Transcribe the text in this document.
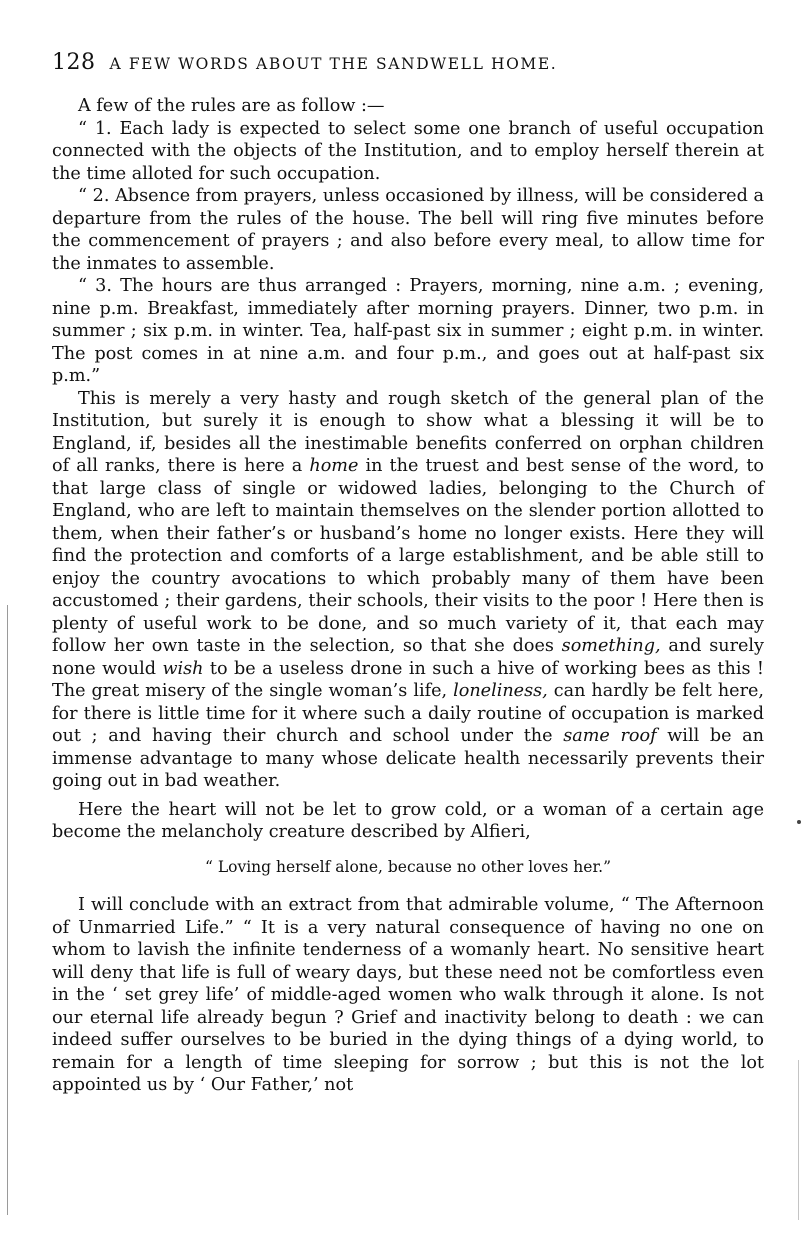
128 A FEW WORDS ABOUT THE SANDWELL HOME.

A few of the rules are as follow :—

“ 1. Each lady is expected to select some one branch of useful occupation connected with the objects of the Institution, and to employ herself therein at the time alloted for such occupation.

“ 2. Absence from prayers, unless occasioned by illness, will be considered a departure from the rules of the house. The bell will ring five minutes before the commencement of prayers ; and also before every meal, to allow time for the inmates to assemble.

“ 3. The hours are thus arranged : Prayers, morning, nine a.m. ; evening, nine p.m. Breakfast, immediately after morning prayers. Dinner, two p.m. in summer ; six p.m. in winter. Tea, half-past six in summer ; eight p.m. in winter. The post comes in at nine a.m. and four p.m., and goes out at half-past six p.m.”

This is merely a very hasty and rough sketch of the general plan of the Institution, but surely it is enough to show what a blessing it will be to England, if, besides all the inestimable benefits conferred on orphan children of all ranks, there is here a home in the truest and best sense of the word, to that large class of single or widowed ladies, belonging to the Church of England, who are left to maintain themselves on the slender portion allotted to them, when their father’s or husband’s home no longer exists. Here they will find the protection and comforts of a large establishment, and be able still to enjoy the country avocations to which probably many of them have been accustomed ; their gardens, their schools, their visits to the poor ! Here then is plenty of useful work to be done, and so much variety of it, that each may follow her own taste in the selection, so that she does something, and surely none would wish to be a useless drone in such a hive of working bees as this ! The great misery of the single woman’s life, loneliness, can hardly be felt here, for there is little time for it where such a daily routine of occupation is marked out ; and having their church and school under the same roof will be an immense advantage to many whose delicate health necessarily prevents their going out in bad weather.

Here the heart will not be let to grow cold, or a woman of a certain age become the melancholy creature described by Alfieri,

“ Loving herself alone, because no other loves her.”

I will conclude with an extract from that admirable volume, “ The Afternoon of Unmarried Life.” “ It is a very natural consequence of having no one on whom to lavish the infinite tenderness of a womanly heart. No sensitive heart will deny that life is full of weary days, but these need not be comfortless even in the ‘ set grey life’ of middle-aged women who walk through it alone. Is not our eternal life already begun ? Grief and inactivity belong to death : we can indeed suffer ourselves to be buried in the dying things of a dying world, to remain for a length of time sleeping for sorrow ; but this is not the lot appointed us by ‘ Our Father,’ not
